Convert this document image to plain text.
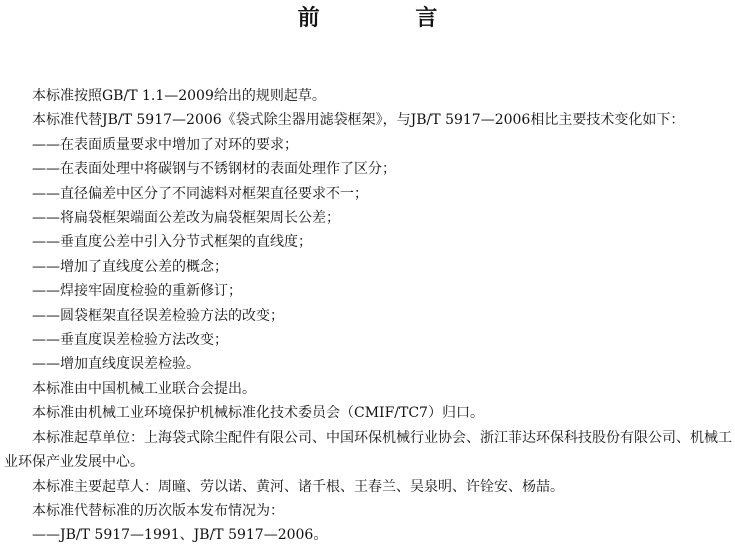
前 言

本标准按照GB/T 1.1—2009给出的规则起草。

本标准代替JB/T 5917—2006《袋式除尘器用滤袋框架》，与JB/T 5917—2006相比主要技术变化如下：

——在表面质量要求中增加了对环的要求；

——在表面处理中将碳钢与不锈钢材的表面处理作了区分；

——直径偏差中区分了不同滤料对框架直径要求不一；

——将扁袋框架端面公差改为扁袋框架周长公差；

——垂直度公差中引入分节式框架的直线度；

——增加了直线度公差的概念；

——焊接牢固度检验的重新修订；

——圆袋框架直径误差检验方法的改变；

——垂直度误差检验方法改变；

——增加直线度误差检验。

本标准由中国机械工业联合会提出。

本标准由机械工业环境保护机械标准化技术委员会（CMIF/TC7）归口。

本标准起草单位：上海袋式除尘配件有限公司、中国环保机械行业协会、浙江菲达环保科技股份有限公司、机械工业环保产业发展中心。

本标准主要起草人：周曈、劳以诺、黄河、诸千根、王春兰、吴泉明、许铨安、杨喆。

本标准代替标准的历次版本发布情况为：

——JB/T 5917—1991、JB/T 5917—2006。
